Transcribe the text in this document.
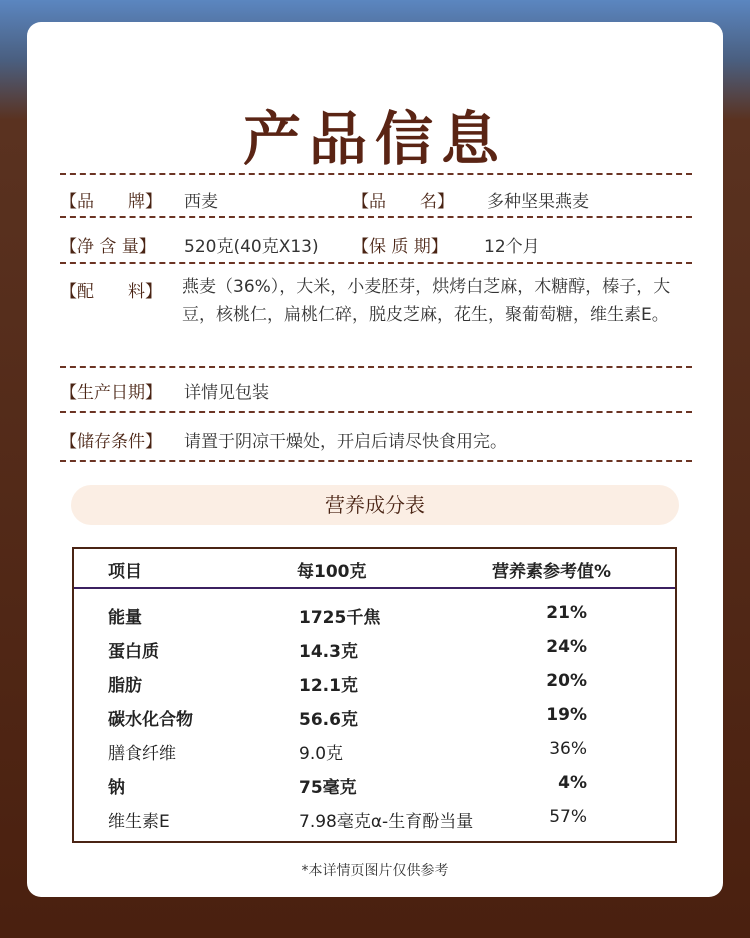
产品信息
【品　　牌】 西麦	【品　　名】 多种坚果燕麦
【净 含 量】 520克(40克X13) 【保 质 期】 12个月
【配　　料】 燕麦（36%），大米，小麦胚芽，烘烤白芝麻，木糖醇，榛子，大豆，核桃仁，扁桃仁碎，脱皮芝麻，花生，聚葡萄糖，维生素E。
【生产日期】 详情见包装
【储存条件】 请置于阴凉干燥处，开启后请尽快食用完。
营养成分表
项目	每100克	营养素参考值%
能量	1725千焦	21%
蛋白质	14.3克	24%
脂肪	12.1克	20%
碳水化合物	56.6克	19%
膳食纤维	9.0克	36%
钠	75毫克	4%
维生素E	7.98毫克α-生育酚当量	57%
*本详情页图片仅供参考
